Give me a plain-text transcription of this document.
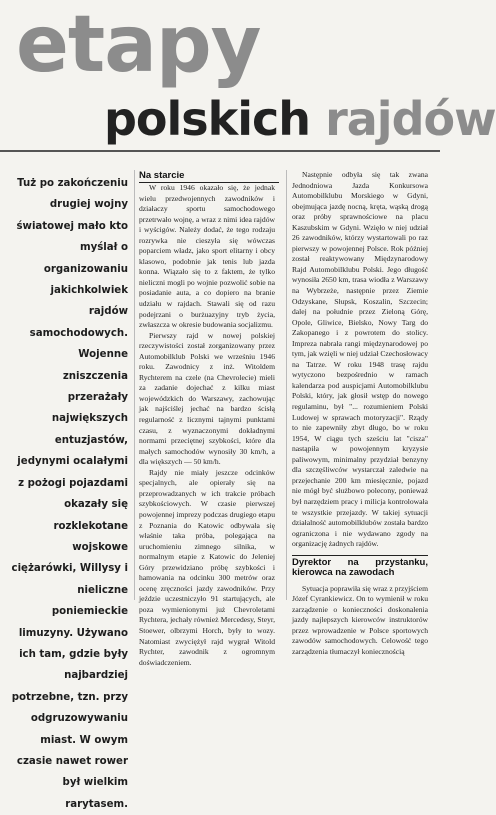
etapy
polskich rajdów
Tuż po zakończeniu drugiej wojny światowej mało kto myślał o organizowaniu jakichkolwiek rajdów samochodowych. Wojenne zniszczenia przerażały największych entuzjastów, jedynymi ocalałymi z pożogi pojazdami okazały się rozklekotane wojskowe ciężarówki, Willysy i nieliczne poniemieckie limuzyny. Używano ich tam, gdzie były najbardziej potrzebne, tzn. przy odgruzowywaniu miast. W owym czasie nawet rower był wielkim rarytasem.
Na starcie

W roku 1946 okazało się, że jednak wielu przedwojennych zawodników i działaczy sportu samochodowego przetrwało wojnę, a wraz z nimi idea rajdów i wyścigów. Należy dodać, że tego rodzaju rozrywka nie cieszyła się wówczas poparciem władz, jako sport elitarny i obcy klasowo, podobnie jak tenis lub jazda konna. Wiązało się to z faktem, że tylko nieliczni mogli po wojnie pozwolić sobie na posiadanie auta, a co dopiero na branie udziału w rajdach. Stawali się od razu podejrzani o burżuazyjny tryb życia, zwłaszcza w okresie budowania socjalizmu.

Pierwszy rajd w nowej polskiej rzeczywistości został zorganizowany przez Automobilklub Polski we wrześniu 1946 roku. Zawodnicy z inż. Witoldem Rychterem na czele (na Chevrolecie) mieli za zadanie dojechać z kilku miast wojewódzkich do Warszawy, zachowując jak najściślej jechać na bardzo ścisłą regularność z licznymi tajnymi punktami czasu, z wyznaczonymi dokładnymi normami przeciętnej szybkości, które dla małych samochodów wynosiły 30 km/h, a dla większych — 50 km/h.

Rajdy nie miały jeszcze odcinków specjalnych, ale opierały się na przeprowadzanych w ich trakcie próbach szybkościowych. W czasie pierwszej powojennej imprezy podczas drugiego etapu z Poznania do Katowic odbywała się właśnie taka próba, polegająca na uruchomieniu zimnego silnika, w normalnym etapie z Katowic do Jeleniej Góry przewidziano próbę szybkości i hamowania na odcinku 300 metrów oraz ocenę zręczności jazdy zawodników. Przy jeździe uczestniczyło 91 startujących, ale poza wymienionymi już Chevroletami Rychtera, jechały również Mercedesy, Steyr, Stoewer, olbrzymi Horch, były to wozy. Natomiast zwyciężył rajd wygrał Witold Rychter, zawodnik z ogromnym doświadczeniem.

Następnie odbyła się tak zwana Jednodniowa Jazda Konkursowa Automobilklubu Morskiego w Gdyni, obejmująca jazdę nocną, kręta, wąską drogą oraz próby sprawnościowe na placu Kaszubskim w Gdyni. Wzięło w niej udział 26 zawodników, którzy wystartowali po raz pierwszy w powojennej Polsce. Rok później został reaktywowany Międzynarodowy Rajd Automobilklubu Polski. Jego długość wynosiła 2650 km, trasa wiodła z Warszawy na Wybrzeże, następnie przez Ziemie Odzyskane, Słupsk, Koszalin, Szczecin; dalej na południe przez Zieloną Górę, Opole, Gliwice, Bielsko, Nowy Targ do Zakopanego i z powrotem do stolicy. Impreza nabrała rangi międzynarodowej po tym, jak wzięli w niej udział Czechosłowacy na Tatrze. W roku 1948 trasę rajdu wytyczono bezpośrednio w ramach kalendarza pod auspicjami Automobilklubu Polski, który, jak głosił wstęp do nowego regulaminu, był "... rozumieniem Polski Ludowej w sprawach motoryzacji". Rządy to nie zapewniły zbyt długo, bo w roku 1954, W ciągu tych sześciu lat "cisza" nastąpiła w powojennym kryzysie paliwowym, minimalny przydział benzyny dla szczęśliwców wystarczał zaledwie na przejechanie 200 km miesięcznie, pojazd nie mógł być służbowo polecony, ponieważ był narzędziem pracy i milicja kontrolowała te wszystkie przejazdy. W takiej sytuacji działalność automobilklubów została bardzo ograniczona i nie wydawano zgody na organizację żadnych rajdów.

Dyrektor na przystanku, kierowca na zawodach

Sytuacja poprawiła się wraz z przyjściem Józef Cyrankiewicz. On to wymienił w roku zarządzenie o konieczności doskonalenia jazdy najlepszych kierowców instruktorów przez wprowadzenie w Polsce sportowych zawodów samochodowych. Celowość tego zarządzenia tłumaczył koniecznością
